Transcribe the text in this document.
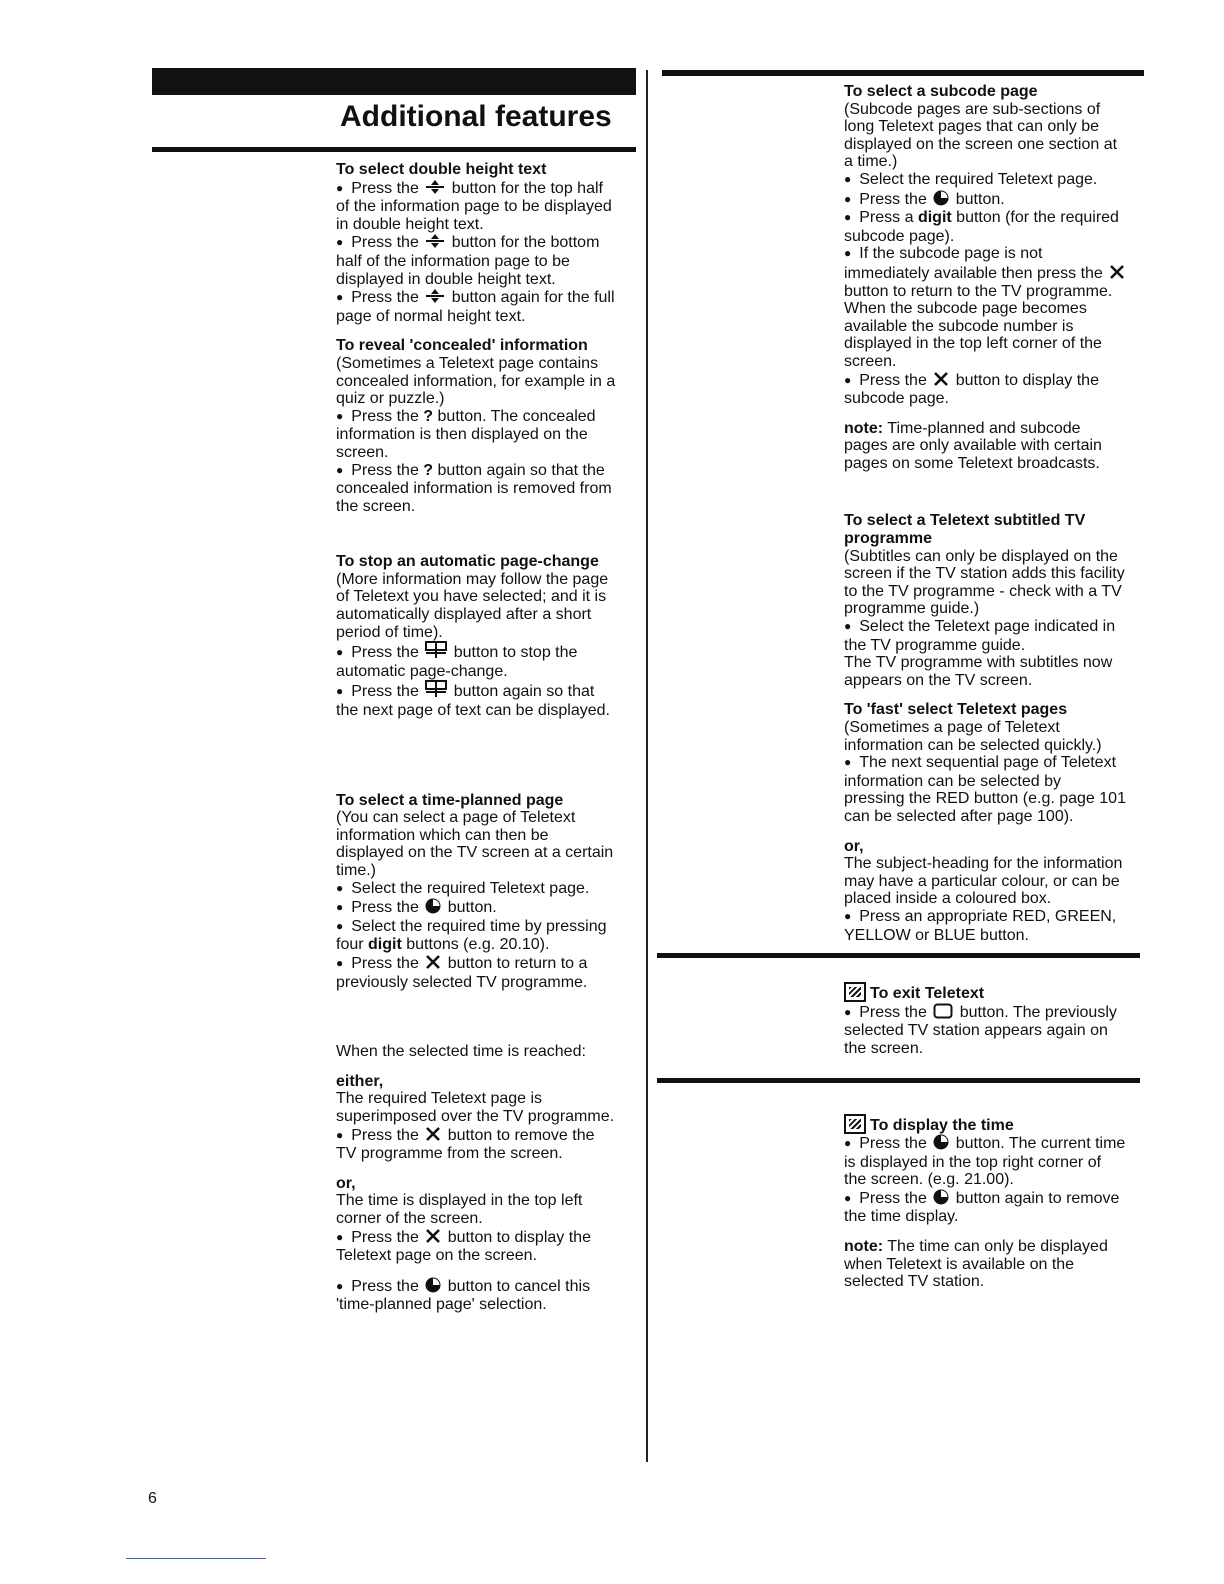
Additional features
To select double height text
● Press the button for the top half
of the information page to be displayed
in double height text.
● Press the button for the bottom
half of the information page to be
displayed in double height text.
● Press the button again for the full
page of normal height text.
To reveal 'concealed' information
(Sometimes a Teletext page contains
concealed information, for example in a
quiz or puzzle.)
● Press the ? button. The concealed
information is then displayed on the
screen.
● Press the ? button again so that the
concealed information is removed from
the screen.
To stop an automatic page-change
(More information may follow the page
of Teletext you have selected; and it is
automatically displayed after a short
period of time).
● Press the button to stop the
automatic page-change.
● Press the button again so that
the next page of text can be displayed.
To select a time-planned page
(You can select a page of Teletext
information which can then be
displayed on the TV screen at a certain
time.)
● Select the required Teletext page.
● Press the button.
● Select the required time by pressing
four digit buttons (e.g. 20.10).
● Press the button to return to a
previously selected TV programme.
When the selected time is reached:
either,
The required Teletext page is
superimposed over the TV programme.
● Press the button to remove the
TV programme from the screen.
or,
The time is displayed in the top left
corner of the screen.
● Press the button to display the
Teletext page on the screen.
● Press the button to cancel this
'time-planned page' selection.
To select a subcode page
(Subcode pages are sub-sections of
long Teletext pages that can only be
displayed on the screen one section at
a time.)
● Select the required Teletext page.
● Press the button.
● Press a digit button (for the required
subcode page).
● If the subcode page is not
immediately available then press the
button to return to the TV programme.
When the subcode page becomes
available the subcode number is
displayed in the top left corner of the
screen.
● Press the button to display the
subcode page.
note: Time-planned and subcode
pages are only available with certain
pages on some Teletext broadcasts.
To select a Teletext subtitled TV
programme
(Subtitles can only be displayed on the
screen if the TV station adds this facility
to the TV programme - check with a TV
programme guide.)
● Select the Teletext page indicated in
the TV programme guide.
The TV programme with subtitles now
appears on the TV screen.
To 'fast' select Teletext pages
(Sometimes a page of Teletext
information can be selected quickly.)
● The next sequential page of Teletext
information can be selected by
pressing the RED button (e.g. page 101
can be selected after page 100).
or,
The subject-heading for the information
may have a particular colour, or can be
placed inside a coloured box.
● Press an appropriate RED, GREEN,
YELLOW or BLUE button.
To exit Teletext
● Press the button. The previously
selected TV station appears again on
the screen.
To display the time
● Press the button. The current time
is displayed in the top right corner of
the screen. (e.g. 21.00).
● Press the button again to remove
the time display.
note: The time can only be displayed
when Teletext is available on the
selected TV station.
6
